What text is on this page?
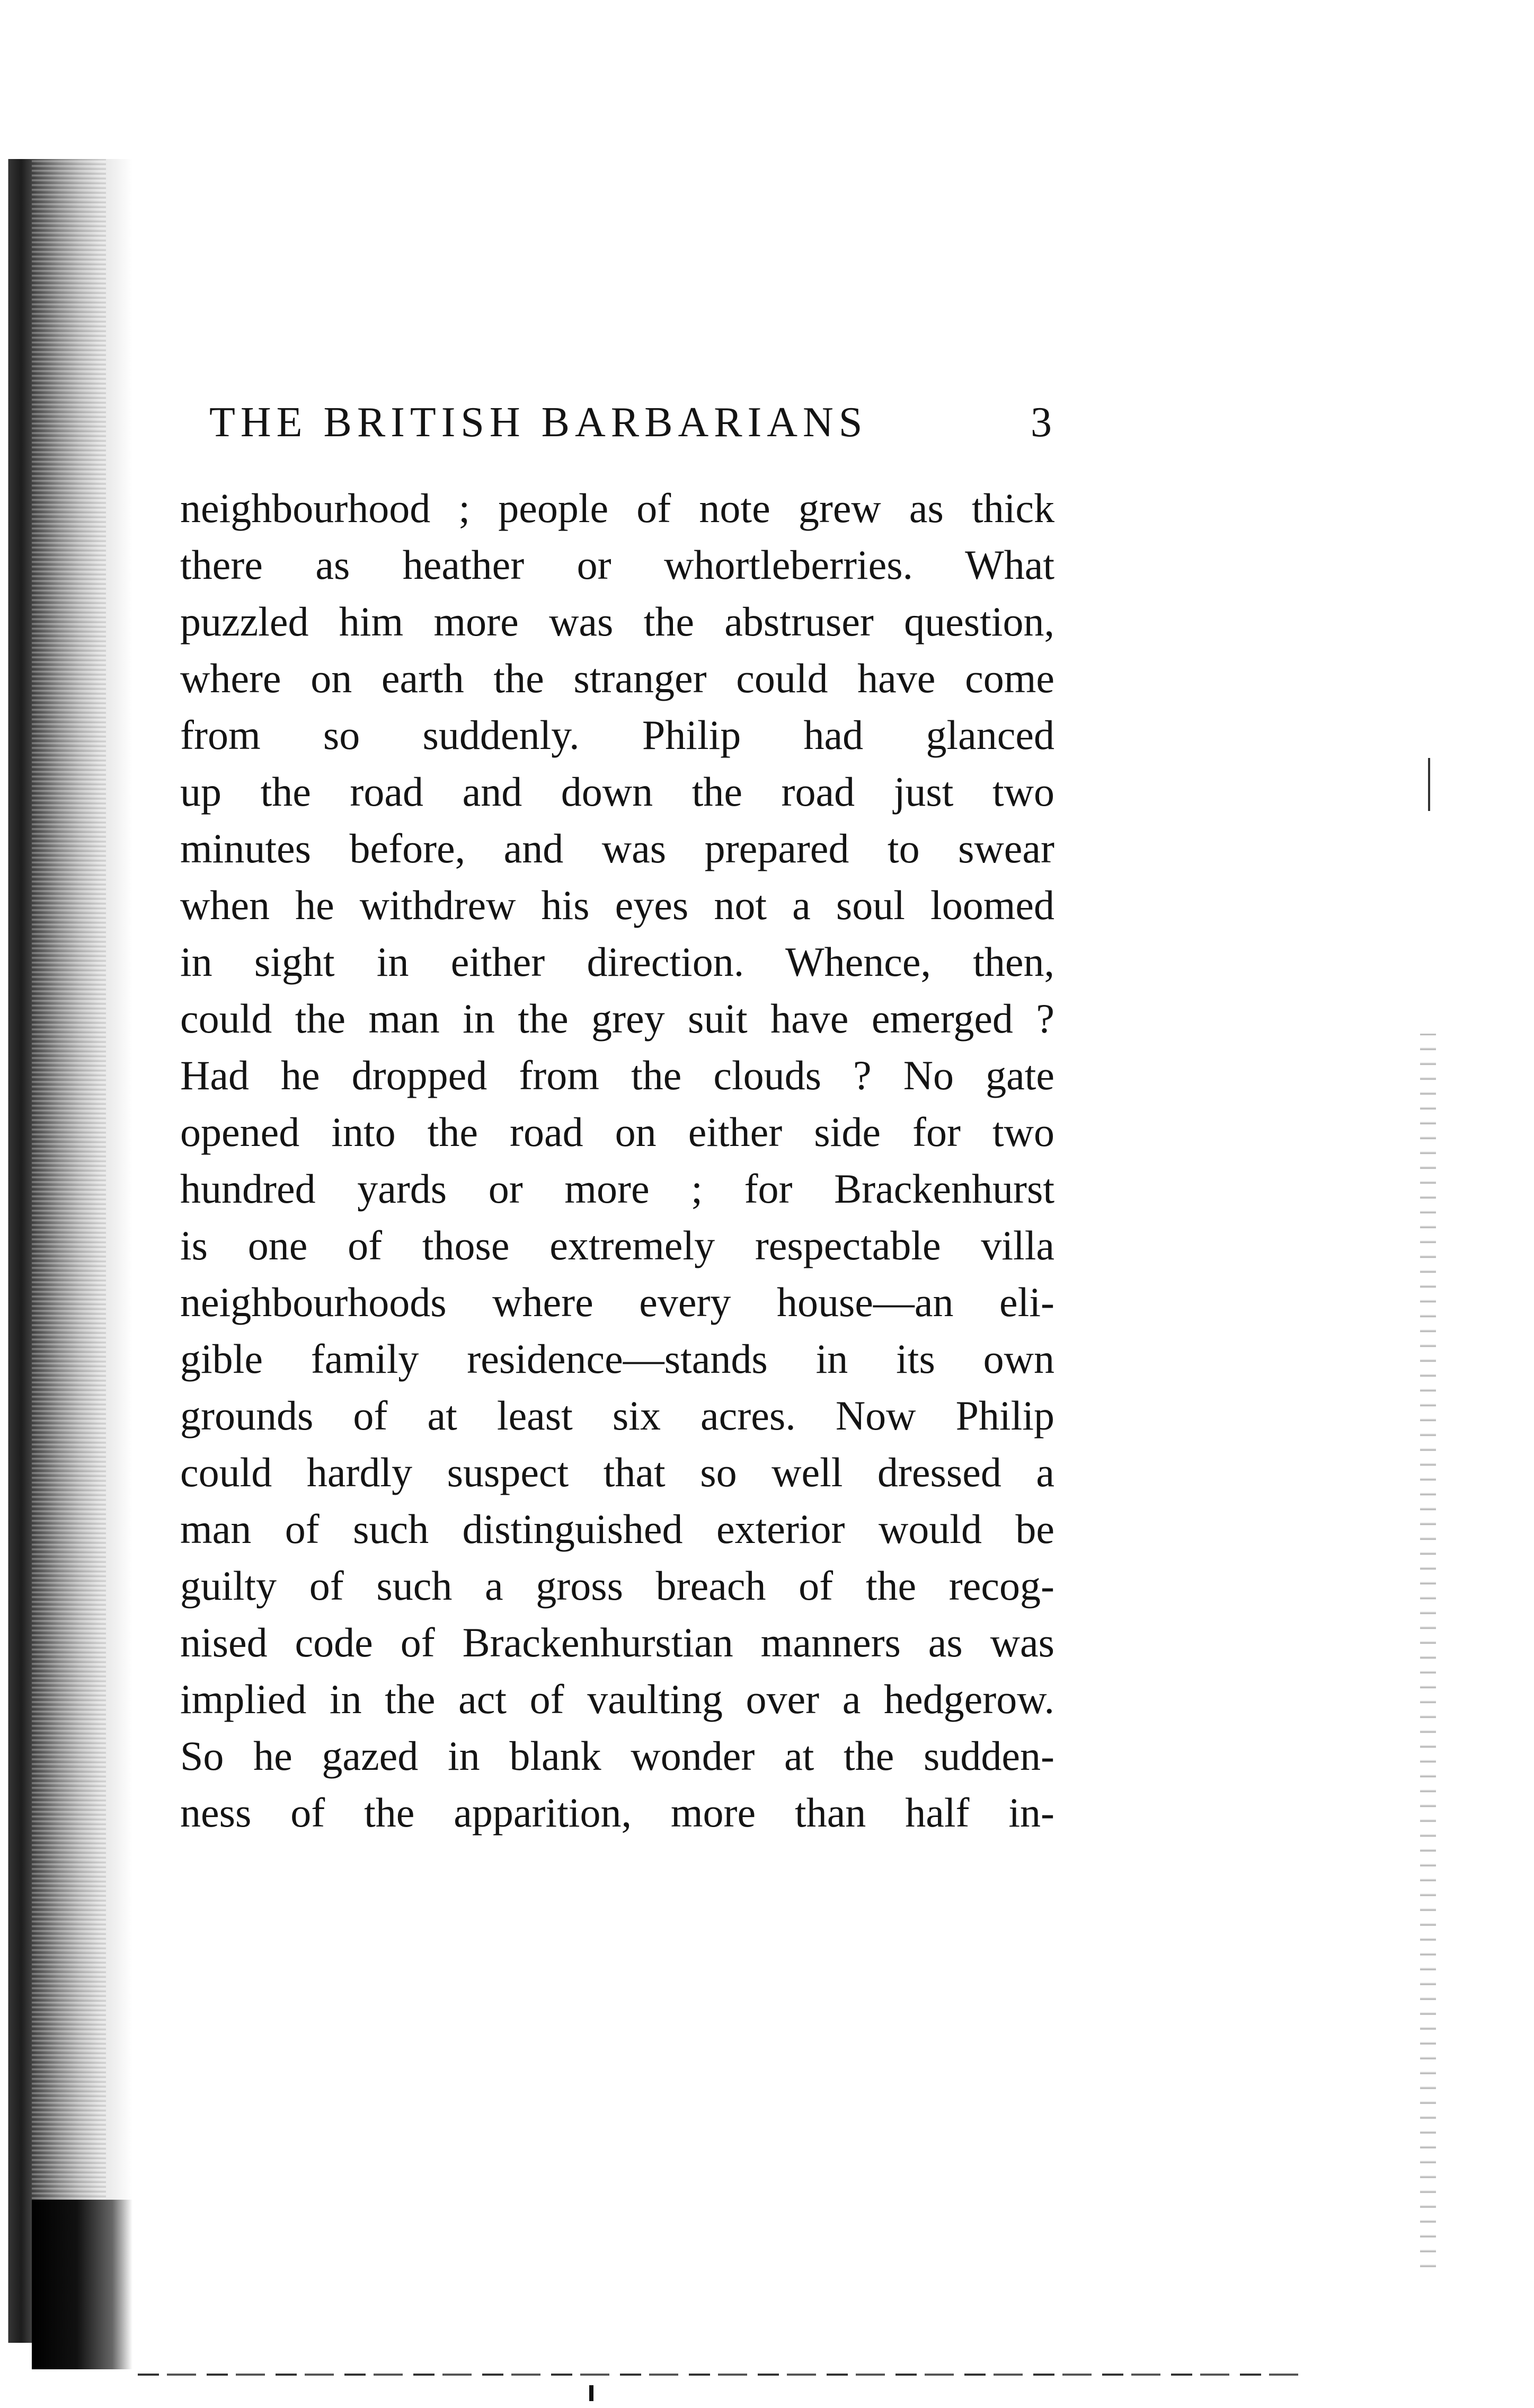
THE BRITISH BARBARIANS	3
neighbourhood ; people of note grew as thick
there as heather or whortleberries. What
puzzled him more was the abstruser question,
where on earth the stranger could have come
from so suddenly. Philip had glanced
up the road and down the road just two
minutes before, and was prepared to swear
when he withdrew his eyes not a soul loomed
in sight in either direction. Whence, then,
could the man in the grey suit have emerged ?
Had he dropped from the clouds ? No gate
opened into the road on either side for two
hundred yards or more ; for Brackenhurst
is one of those extremely respectable villa
neighbourhoods where every house—an eli-
gible family residence—stands in its own
grounds of at least six acres. Now Philip
could hardly suspect that so well dressed a
man of such distinguished exterior would be
guilty of such a gross breach of the recog-
nised code of Brackenhurstian manners as was
implied in the act of vaulting over a hedgerow.
So he gazed in blank wonder at the sudden-
ness of the apparition, more than half in-
